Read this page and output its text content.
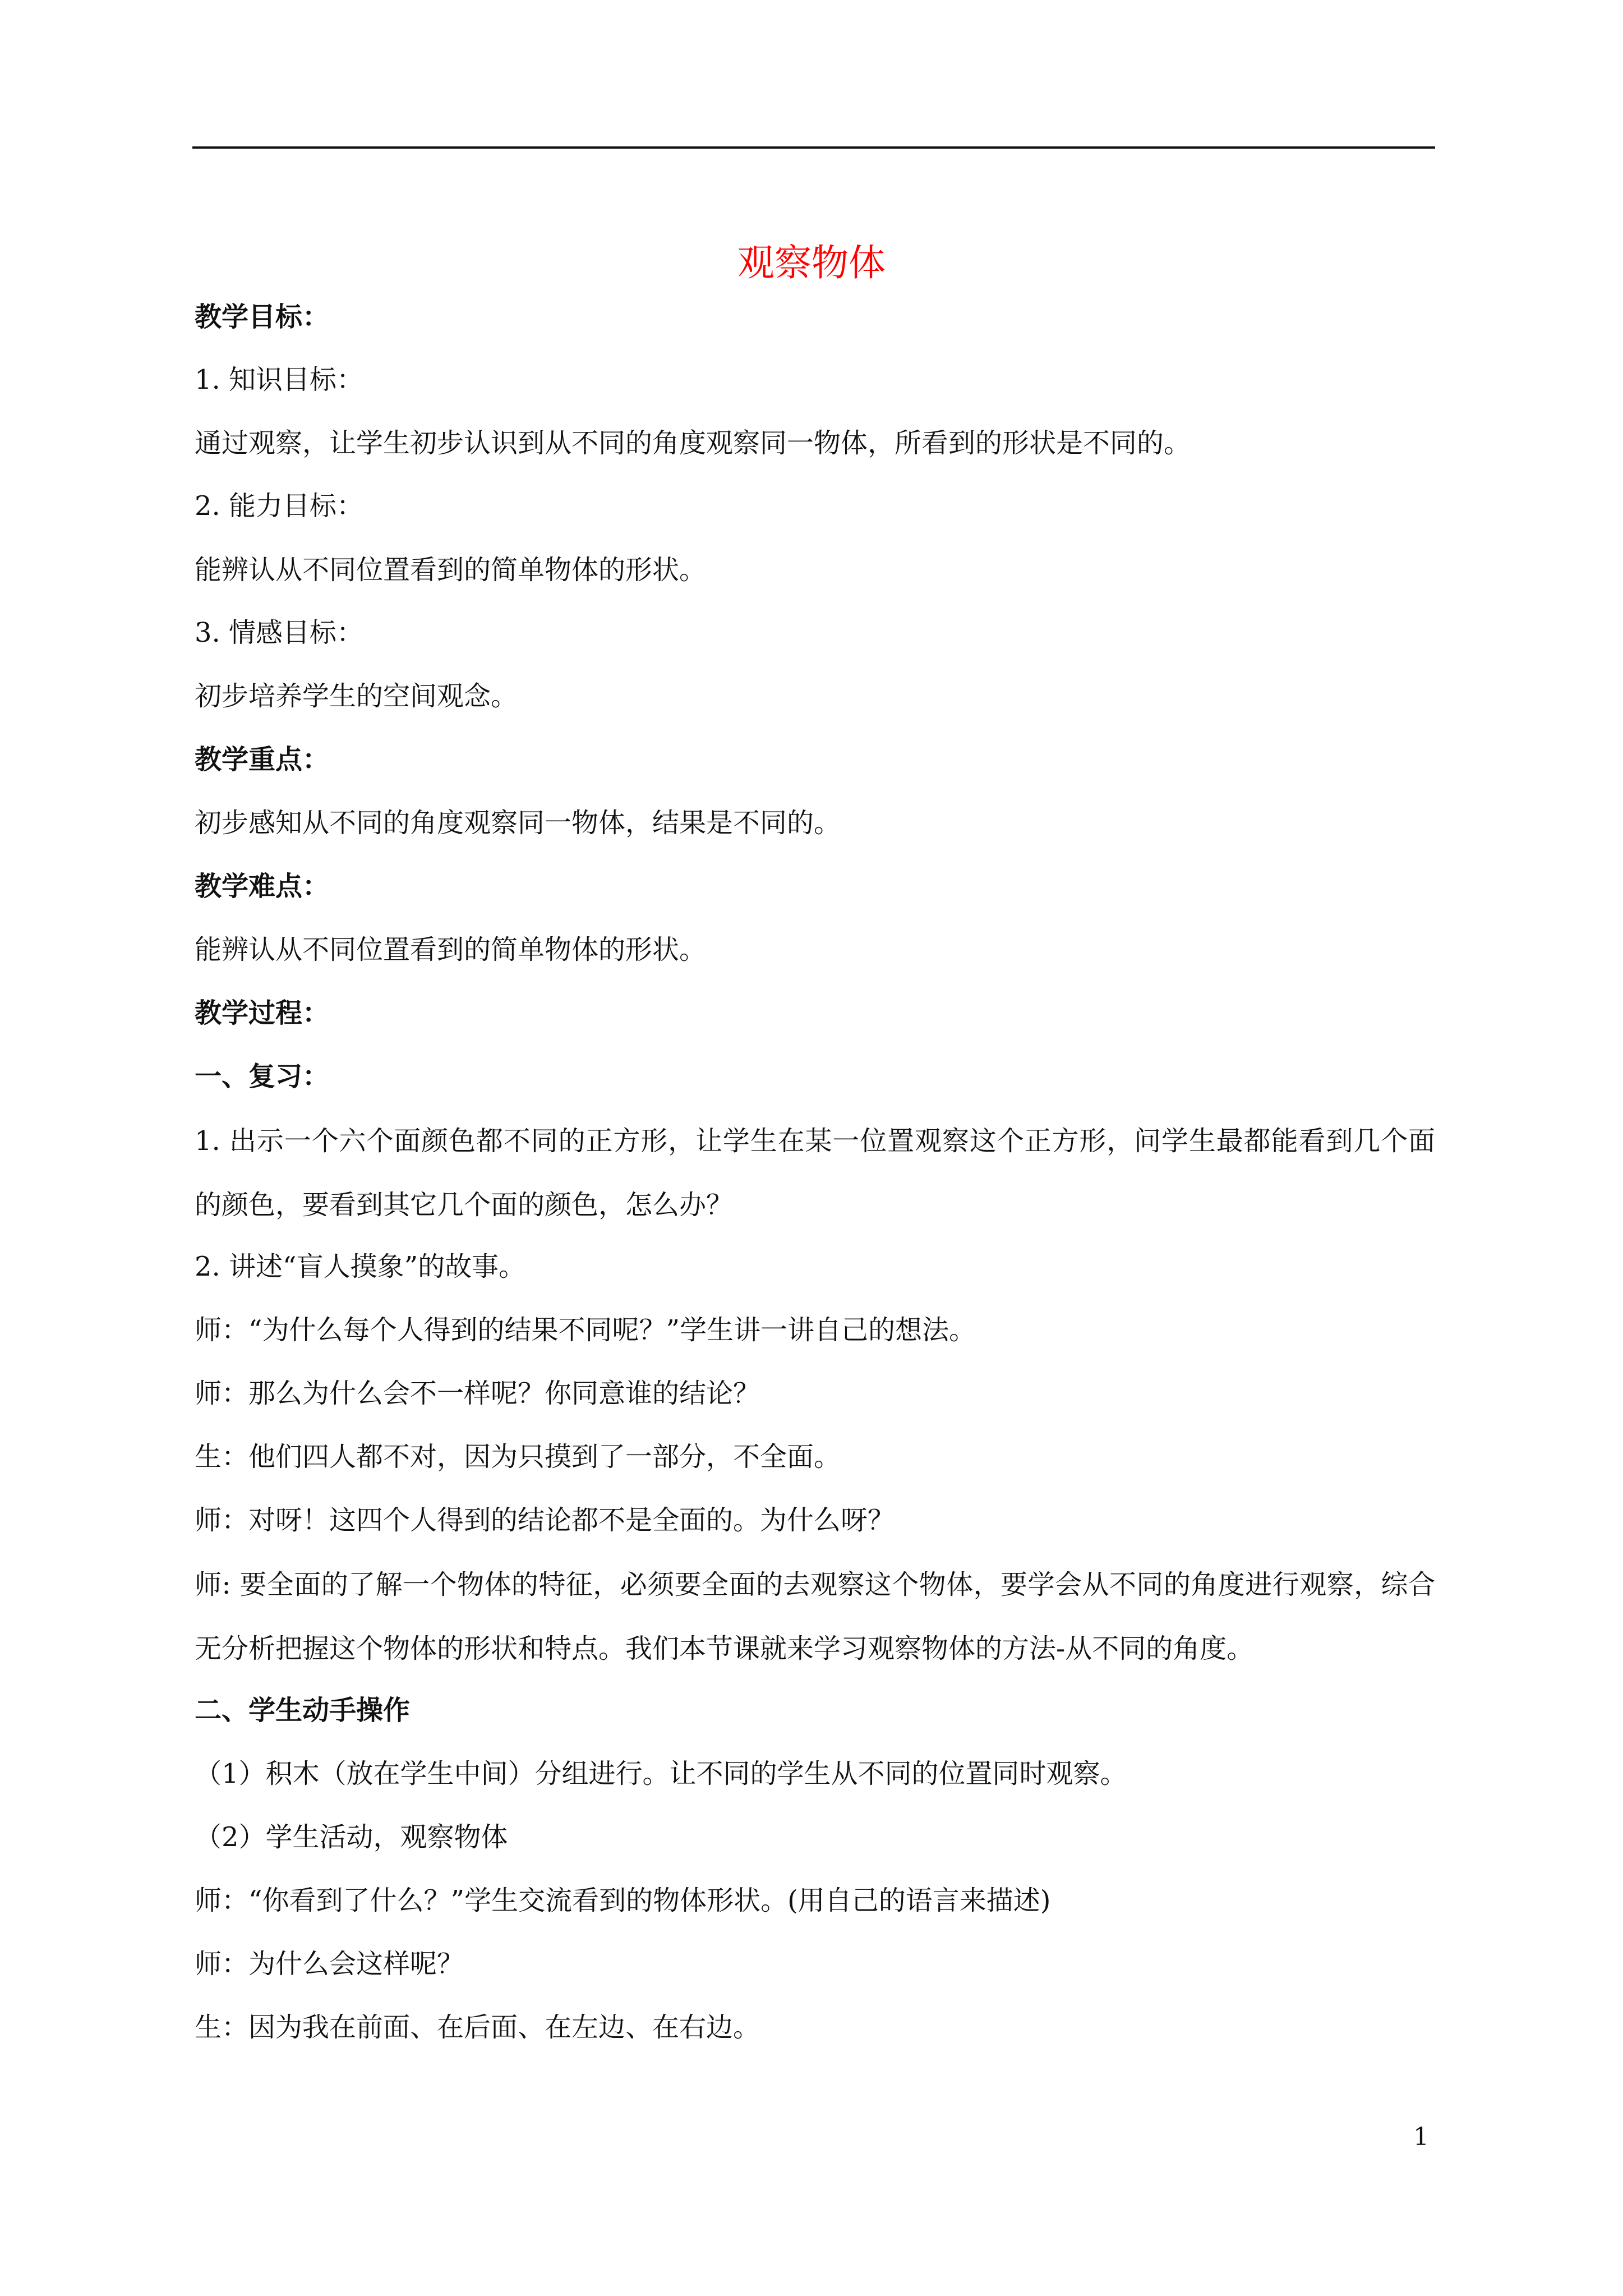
观察物体
教学目标：
1. 知识目标：
通过观察，让学生初步认识到从不同的角度观察同一物体，所看到的形状是不同的。
2. 能力目标：
能辨认从不同位置看到的简单物体的形状。
3. 情感目标：
初步培养学生的空间观念。
教学重点：
初步感知从不同的角度观察同一物体，结果是不同的。
教学难点：
能辨认从不同位置看到的简单物体的形状。
教学过程：
一、复习：
1. 出示一个六个面颜色都不同的正方形，让学生在某一位置观察这个正方形，问学生最都能看到几个面的颜色，要看到其它几个面的颜色，怎么办？
2. 讲述“盲人摸象”的故事。
师：“为什么每个人得到的结果不同呢？”学生讲一讲自己的想法。
师：那么为什么会不一样呢？你同意谁的结论？
生：他们四人都不对，因为只摸到了一部分，不全面。
师：对呀！这四个人得到的结论都不是全面的。为什么呀？
师: 要全面的了解一个物体的特征，必须要全面的去观察这个物体，要学会从不同的角度进行观察，综合无分析把握这个物体的形状和特点。我们本节课就来学习观察物体的方法-从不同的角度。
二、学生动手操作
（1）积木（放在学生中间）分组进行。让不同的学生从不同的位置同时观察。
（2）学生活动，观察物体
师：“你看到了什么？”学生交流看到的物体形状。(用自己的语言来描述)
师：为什么会这样呢？
生：因为我在前面、在后面、在左边、在右边。
1
